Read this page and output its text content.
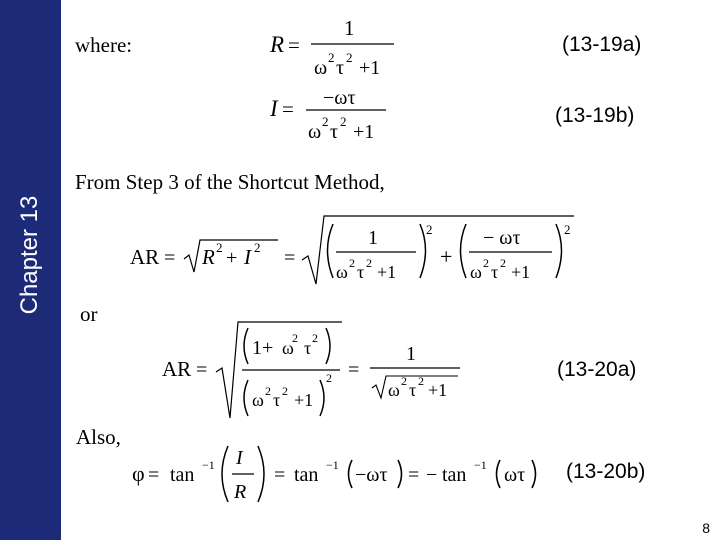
Chapter 13
where:	(13-19a)
(13-19b)
From Step 3 of the Shortcut Method,
or
(13-20a)
Also,
(13-20b)
R =
1
ω 2 τ 2 +1
I = −ωτ
ω 2 τ 2 +1
AR = R 2 + I 2 =
1
ω 2 τ 2 +1
2
+
− ωτ
ω 2 τ 2 +1
2
AR =
1+ ω
2 τ 2
ω 2 τ 2 +1
2 =
1
ω 2 τ 2 +1
φ = tan −1 I
R
= tan −1 −ωτ = − tan −1 ωτ
8
